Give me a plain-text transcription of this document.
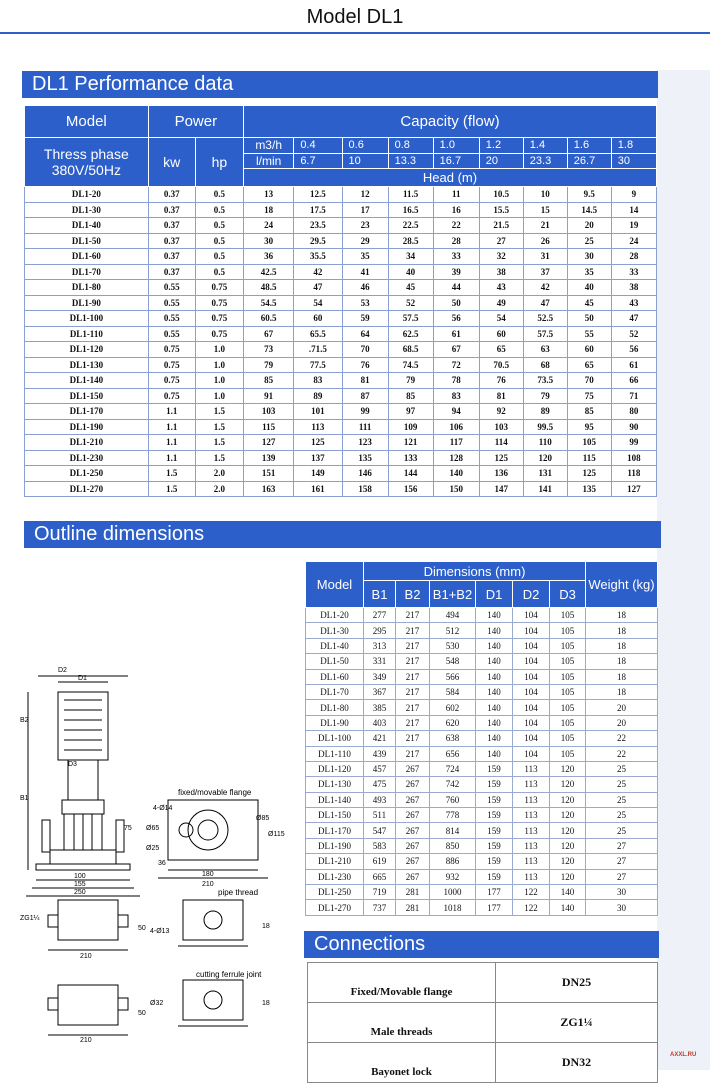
Model DL1
DL1 Performance data
Model	Power		Capacity (flow)								
Thress phase 380V/50Hz	kw	hp	m3/h	0.4	0.6	0.8	1.0	1.2	1.4	1.6	1.8
			l/min	6.7	10	13.3	16.7	20	23.3	26.7	30
			Head (m)								
DL1-20	0.37	0.5	13	12.5	12	11.5	11	10.5	10	9.5	9
DL1-30	0.37	0.5	18	17.5	17	16.5	16	15.5	15	14.5	14
DL1-40	0.37	0.5	24	23.5	23	22.5	22	21.5	21	20	19
DL1-50	0.37	0.5	30	29.5	29	28.5	28	27	26	25	24
DL1-60	0.37	0.5	36	35.5	35	34	33	32	31	30	28
DL1-70	0.37	0.5	42.5	42	41	40	39	38	37	35	33
DL1-80	0.55	0.75	48.5	47	46	45	44	43	42	40	38
DL1-90	0.55	0.75	54.5	54	53	52	50	49	47	45	43
DL1-100	0.55	0.75	60.5	60	59	57.5	56	54	52.5	50	47
DL1-110	0.55	0.75	67	65.5	64	62.5	61	60	57.5	55	52
DL1-120	0.75	1.0	73	.71.5	70	68.5	67	65	63	60	56
DL1-130	0.75	1.0	79	77.5	76	74.5	72	70.5	68	65	61
DL1-140	0.75	1.0	85	83	81	79	78	76	73.5	70	66
DL1-150	0.75	1.0	91	89	87	85	83	81	79	75	71
DL1-170	1.1	1.5	103	101	99	97	94	92	89	85	80
DL1-190	1.1	1.5	115	113	111	109	106	103	99.5	95	90
DL1-210	1.1	1.5	127	125	123	121	117	114	110	105	99
DL1-230	1.1	1.5	139	137	135	133	128	125	120	115	108
DL1-250	1.5	2.0	151	149	146	144	140	136	131	125	118
DL1-270	1.5	2.0	163	161	158	156	150	147	141	135	127
Outline dimensions
D2
D1
B2
D3
B1
4-Ø14
Ø65
Ø85
Ø115
Ø25
36
180
210
100
155
250
ZG1¼
4-Ø13
50	18
210
Ø32	18
50
210
75
fixed/movable flange
pipe thread
cutting ferrule joint
Model	Dimensions (mm)						Weight (kg)
	B1	B2	B1+B2	D1	D2	D3	
DL1-20	277	217	494	140	104	105	18
DL1-30	295	217	512	140	104	105	18
DL1-40	313	217	530	140	104	105	18
DL1-50	331	217	548	140	104	105	18
DL1-60	349	217	566	140	104	105	18
DL1-70	367	217	584	140	104	105	18
DL1-80	385	217	602	140	104	105	20
DL1-90	403	217	620	140	104	105	20
DL1-100	421	217	638	140	104	105	22
DL1-110	439	217	656	140	104	105	22
DL1-120	457	267	724	159	113	120	25
DL1-130	475	267	742	159	113	120	25
DL1-140	493	267	760	159	113	120	25
DL1-150	511	267	778	159	113	120	25
DL1-170	547	267	814	159	113	120	25
DL1-190	583	267	850	159	113	120	27
DL1-210	619	267	886	159	113	120	27
DL1-230	665	267	932	159	113	120	27
DL1-250	719	281	1000	177	122	140	30
DL1-270	737	281	1018	177	122	140	30
Connections
Fixed/Movable flange	DN25
Male threads	ZG1¼
Bayonet lock	DN32	AXXL.RU
